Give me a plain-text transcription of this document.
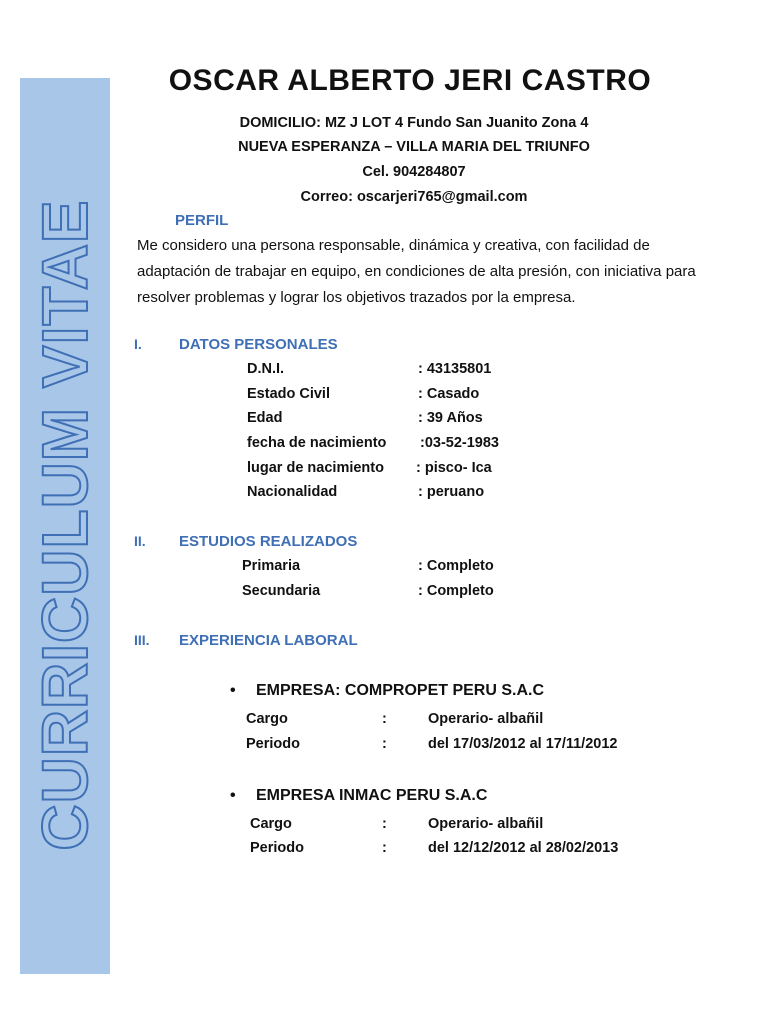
CURRICULUM VITAE
OSCAR ALBERTO JERI CASTRO
DOMICILIO: MZ J LOT 4 Fundo San Juanito Zona 4
NUEVA ESPERANZA – VILLA MARIA DEL TRIUNFO
Cel. 904284807
Correo: oscarjeri765@gmail.com
PERFIL
Me considero una persona responsable, dinámica y creativa, con facilidad de
adaptación de trabajar en equipo, en condiciones de alta presión, con iniciativa para
resolver problemas y lograr los objetivos trazados por la empresa.
I. DATOS PERSONALES
D.N.I.	: 43135801
Estado Civil	: Casado
Edad	: 39 Años
fecha de nacimiento :03-52-1983
lugar de nacimiento : pisco- Ica
Nacionalidad	: peruano
II. ESTUDIOS REALIZADOS
Primaria	: Completo
Secundaria	: Completo
III. EXPERIENCIA LABORAL
• EMPRESA: COMPROPET PERU S.A.C
Cargo	:	Operario- albañil
Periodo	:	del 17/03/2012 al 17/11/2012
• EMPRESA INMAC PERU S.A.C
Cargo	:	Operario- albañil
Periodo	:	del 12/12/2012 al 28/02/2013
